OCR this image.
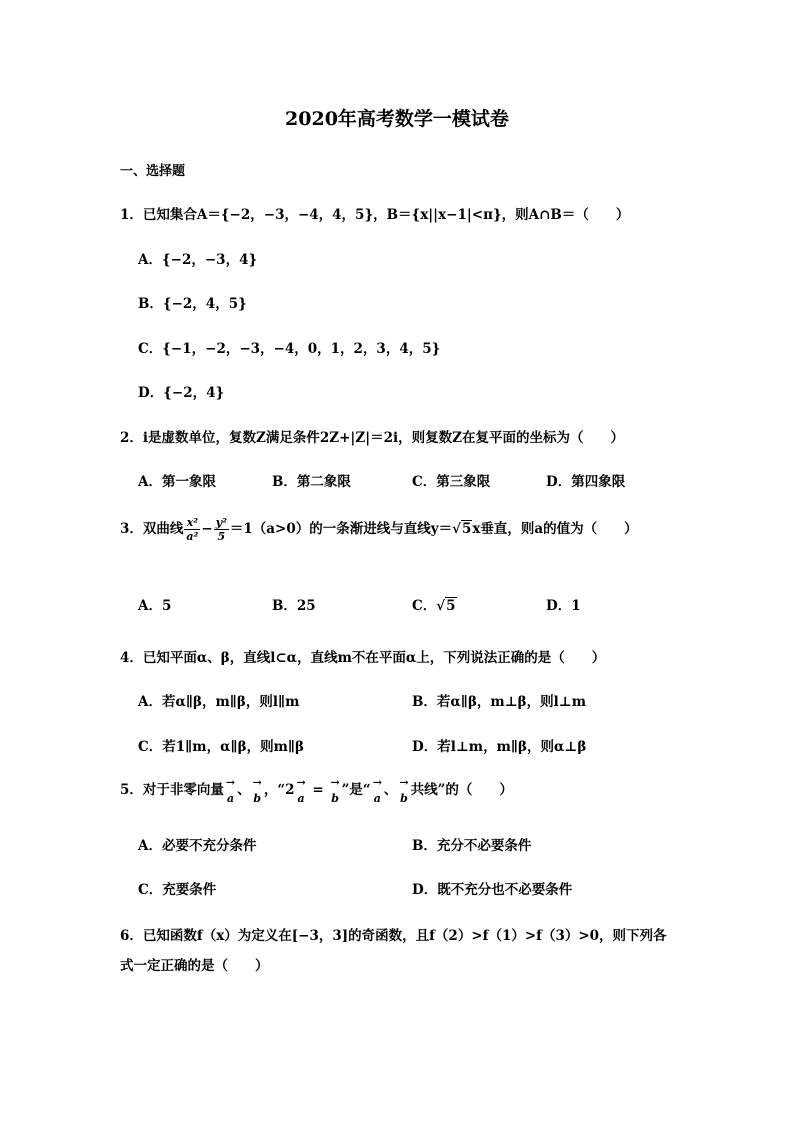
2020年高考数学一模试卷
一、选择题
1．已知集合A＝{−2，−3，−4，4，5}，B＝{x||x−1|<π}，则A∩B＝（　　）
A．{−2，−3，4}
B．{−2，4，5}
C．{−1，−2，−3，−4，0，1，2，3，4，5}
D．{−2，4}
2．i是虚数单位，复数Z满足条件2Z+|Z|＝2i，则复数Z在复平面的坐标为（　　）
A．第一象限	B．第二象限	C．第三象限	D．第四象限
3．双曲线 $\frac{\text{x²}}{\text{a²}} - \frac{\text{y²}}{5} =1(a>0)$的一条渐进线与直线y＝√5x垂直，则a的值为（　　）
A．5	B．25	C．√5	D．1
4．已知平面α、β，直线l⊂α，直线m不在平面α上，下列说法正确的是（　　）
A．若α∥β，m∥β，则l∥m	B．若α∥β，m⊥β，则l⊥m
C．若1∥m，α∥β，则m∥β	D．若l⊥m，m∥β，则α⊥β
5．对于非零向量 →
a
、 →
b
，“2 →
a
= →
b
”是“ →
a
、 →
b
共线”的（　　）
A．必要不充分条件	B．充分不必要条件
C．充要条件	D．既不充分也不必要条件
6．已知函数f（x）为定义在[−3，3]的奇函数，且f（2）>f（1）>f（3）>0，则下列各
式一定正确的是（　　）
